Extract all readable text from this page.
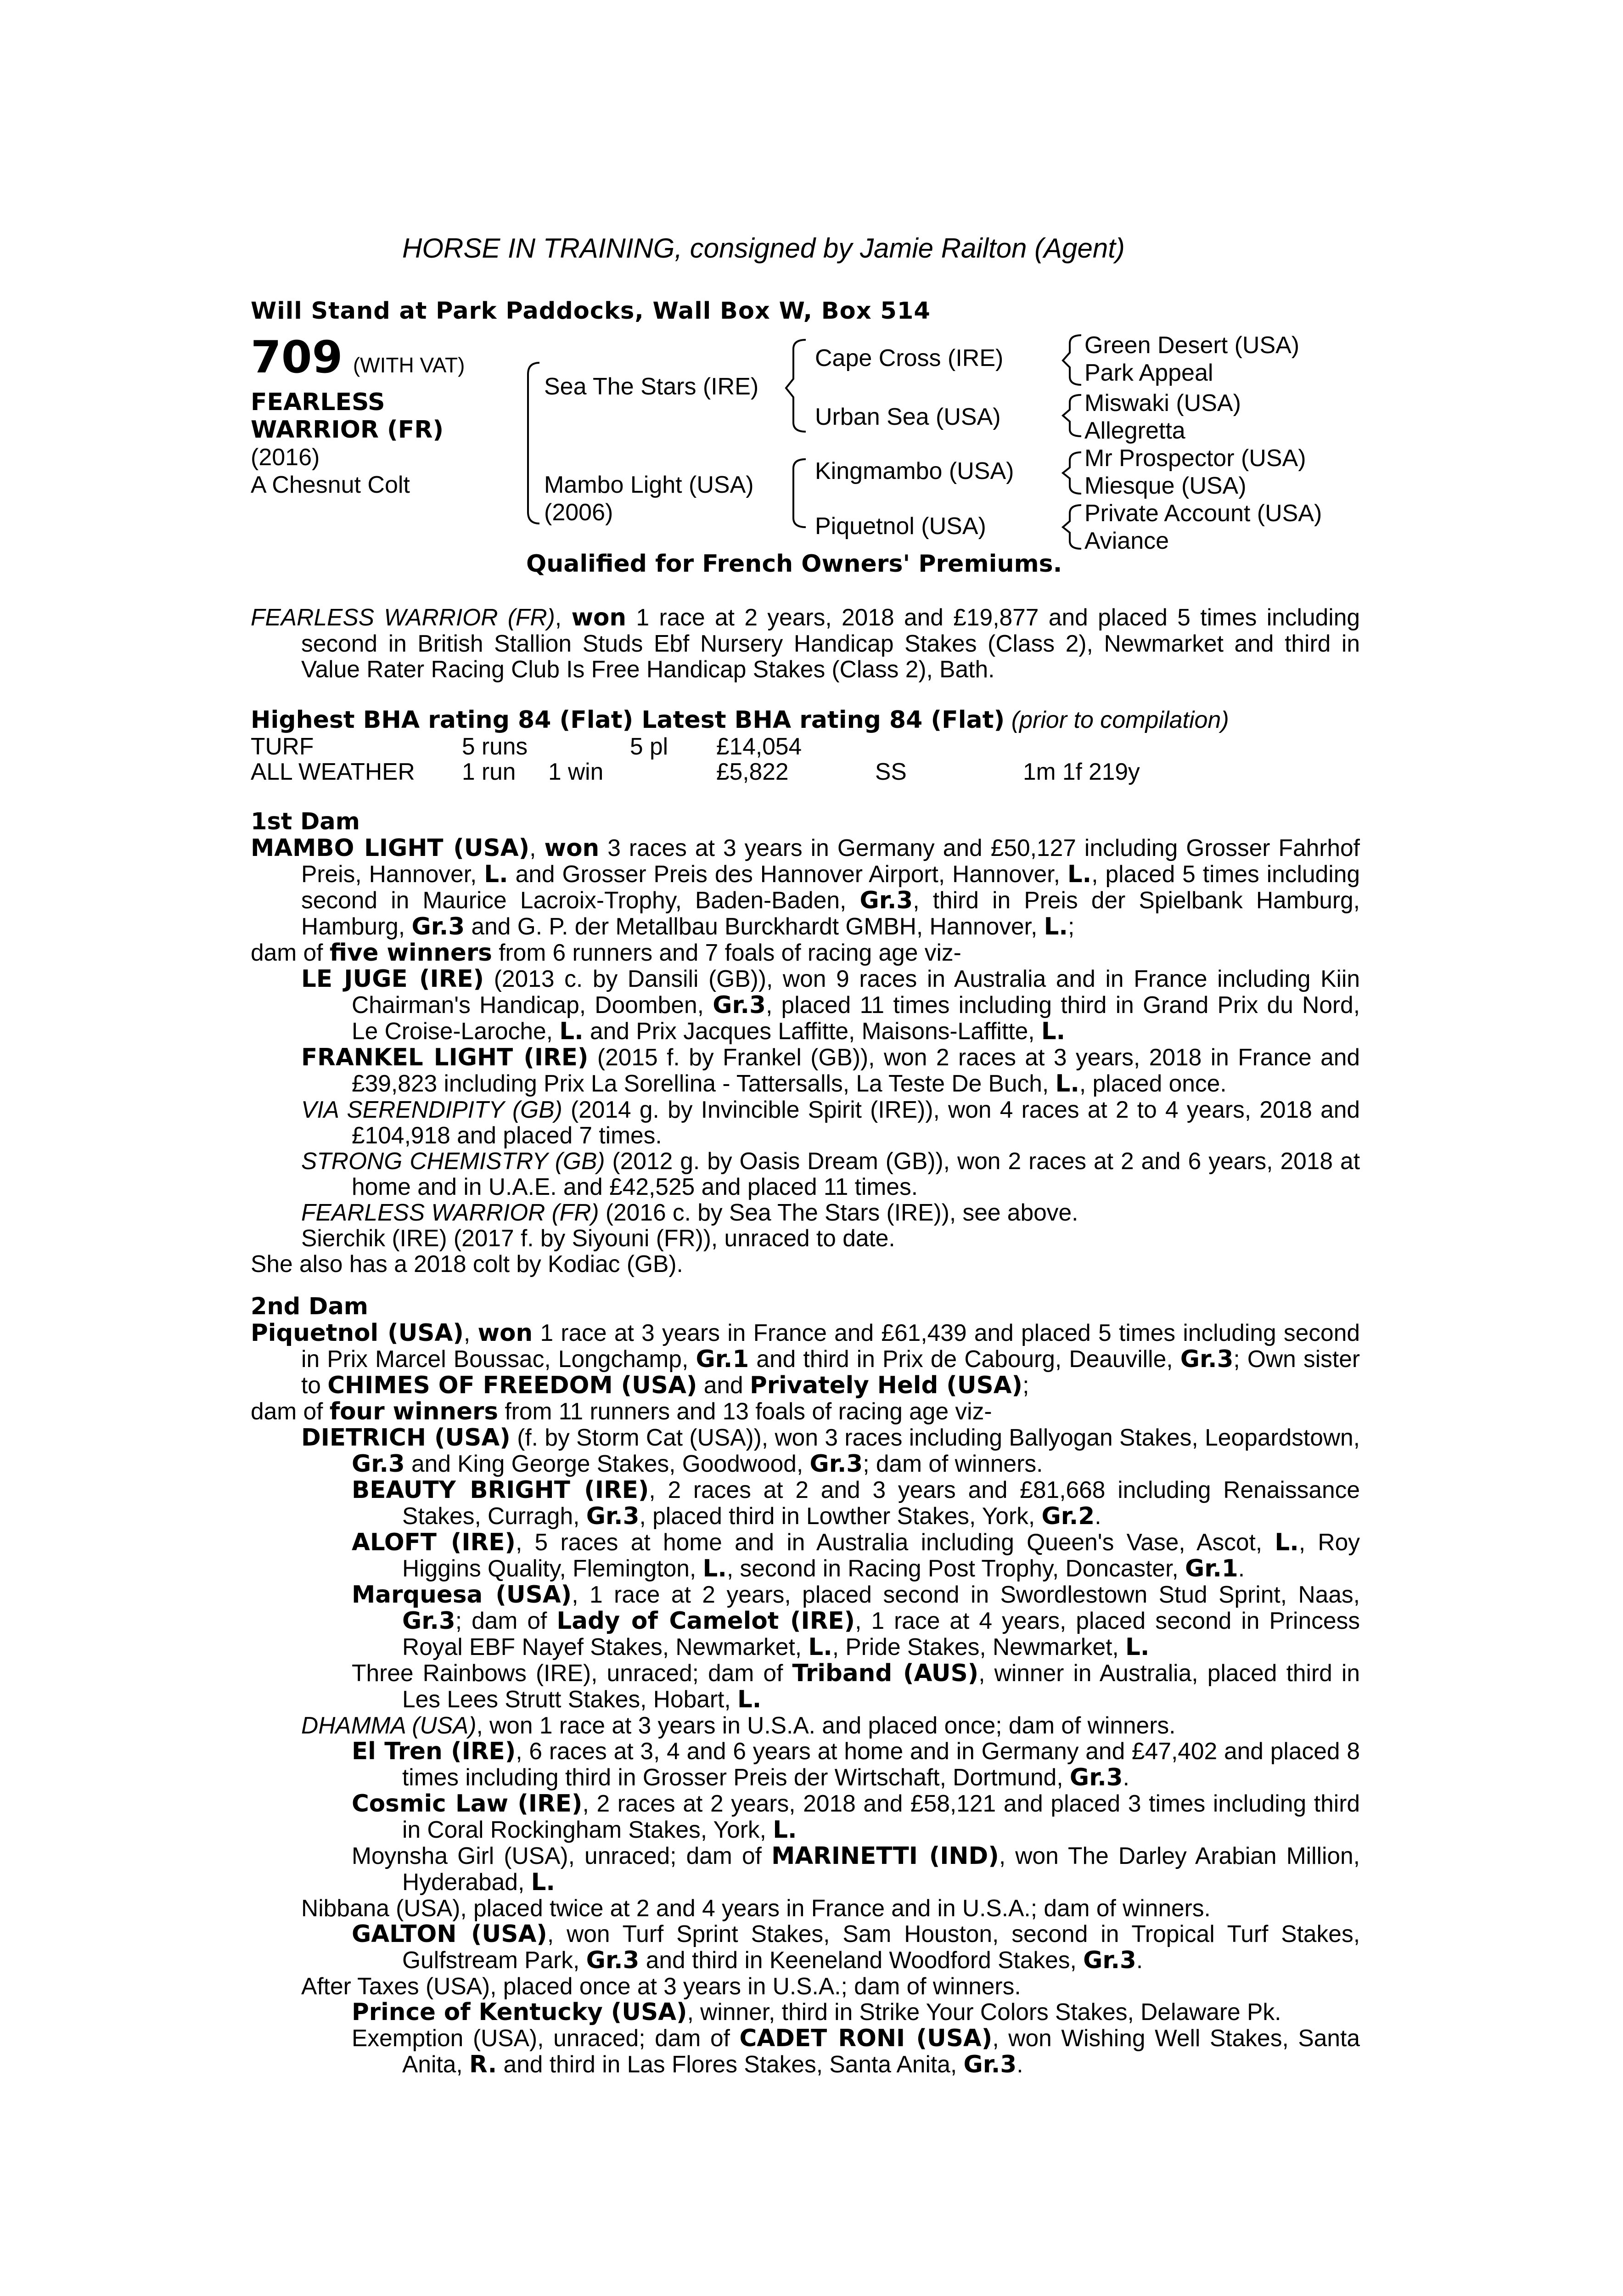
HORSE IN TRAINING, consigned by Jamie Railton (Agent)
Will Stand at Park Paddocks, Wall Box W, Box 514
709 (WITH VAT)
FEARLESS
WARRIOR (FR)
(2016)
A Chesnut Colt
Sea The Stars (IRE)
Mambo Light (USA)
(2006)
Cape Cross (IRE)
Urban Sea (USA)
Kingmambo (USA)
Piquetnol (USA)
Green Desert (USA)
Park Appeal
Miswaki (USA)
Allegretta
Mr Prospector (USA)
Miesque (USA)
Private Account (USA)
Aviance
Qualified for French Owners' Premiums.

FEARLESS WARRIOR (FR), won 1 race at 2 years, 2018 and £19,877 and placed 5 times including second in British Stallion Studs Ebf Nursery Handicap Stakes (Class 2), Newmarket and third in Value Rater Racing Club Is Free Handicap Stakes (Class 2), Bath.

Highest BHA rating 84 (Flat) Latest BHA rating 84 (Flat) (prior to compilation)
TURF	5 runs	5 pl £14,054
ALL WEATHER 1 run 1 win	£5,822	SS	1m 1f 219y
1st Dam

MAMBO LIGHT (USA), won 3 races at 3 years in Germany and £50,127 including Grosser Fahrhof Preis, Hannover, L. and Grosser Preis des Hannover Airport, Hannover, L., placed 5 times including second in Maurice Lacroix-Trophy, Baden-Baden, Gr.3, third in Preis der Spielbank Hamburg, Hamburg, Gr.3 and G. P. der Metallbau Burckhardt GMBH, Hannover, L.;

dam of five winners from 6 runners and 7 foals of racing age viz-

LE JUGE (IRE) (2013 c. by Dansili (GB)), won 9 races in Australia and in France including Kiin Chairman's Handicap, Doomben, Gr.3, placed 11 times including third in Grand Prix du Nord, Le Croise-Laroche, L. and Prix Jacques Laffitte, Maisons-Laffitte, L.

FRANKEL LIGHT (IRE) (2015 f. by Frankel (GB)), won 2 races at 3 years, 2018 in France and £39,823 including Prix La Sorellina - Tattersalls, La Teste De Buch, L., placed once.

VIA SERENDIPITY (GB) (2014 g. by Invincible Spirit (IRE)), won 4 races at 2 to 4 years, 2018 and £104,918 and placed 7 times.

STRONG CHEMISTRY (GB) (2012 g. by Oasis Dream (GB)), won 2 races at 2 and 6 years, 2018 at home and in U.A.E. and £42,525 and placed 11 times.

FEARLESS WARRIOR (FR) (2016 c. by Sea The Stars (IRE)), see above.

Sierchik (IRE) (2017 f. by Siyouni (FR)), unraced to date.

She also has a 2018 colt by Kodiac (GB).

2nd Dam

Piquetnol (USA), won 1 race at 3 years in France and £61,439 and placed 5 times including second in Prix Marcel Boussac, Longchamp, Gr.1 and third in Prix de Cabourg, Deauville, Gr.3; Own sister to CHIMES OF FREEDOM (USA) and Privately Held (USA);

dam of four winners from 11 runners and 13 foals of racing age viz-

DIETRICH (USA) (f. by Storm Cat (USA)), won 3 races including Ballyogan Stakes, Leopardstown, Gr.3 and King George Stakes, Goodwood, Gr.3; dam of winners.

BEAUTY BRIGHT (IRE), 2 races at 2 and 3 years and £81,668 including Renaissance Stakes, Curragh, Gr.3, placed third in Lowther Stakes, York, Gr.2.

ALOFT (IRE), 5 races at home and in Australia including Queen's Vase, Ascot, L., Roy Higgins Quality, Flemington, L., second in Racing Post Trophy, Doncaster, Gr.1.

Marquesa (USA), 1 race at 2 years, placed second in Swordlestown Stud Sprint, Naas, Gr.3; dam of Lady of Camelot (IRE), 1 race at 4 years, placed second in Princess Royal EBF Nayef Stakes, Newmarket, L., Pride Stakes, Newmarket, L.

Three Rainbows (IRE), unraced; dam of Triband (AUS), winner in Australia, placed third in Les Lees Strutt Stakes, Hobart, L.

DHAMMA (USA), won 1 race at 3 years in U.S.A. and placed once; dam of winners.

El Tren (IRE), 6 races at 3, 4 and 6 years at home and in Germany and £47,402 and placed 8 times including third in Grosser Preis der Wirtschaft, Dortmund, Gr.3.

Cosmic Law (IRE), 2 races at 2 years, 2018 and £58,121 and placed 3 times including third in Coral Rockingham Stakes, York, L.

Moynsha Girl (USA), unraced; dam of MARINETTI (IND), won The Darley Arabian Million, Hyderabad, L.

Nibbana (USA), placed twice at 2 and 4 years in France and in U.S.A.; dam of winners.

GALTON (USA), won Turf Sprint Stakes, Sam Houston, second in Tropical Turf Stakes, Gulfstream Park, Gr.3 and third in Keeneland Woodford Stakes, Gr.3.

After Taxes (USA), placed once at 3 years in U.S.A.; dam of winners.

Prince of Kentucky (USA), winner, third in Strike Your Colors Stakes, Delaware Pk.

Exemption (USA), unraced; dam of CADET RONI (USA), won Wishing Well Stakes, Santa Anita, R. and third in Las Flores Stakes, Santa Anita, Gr.3.
